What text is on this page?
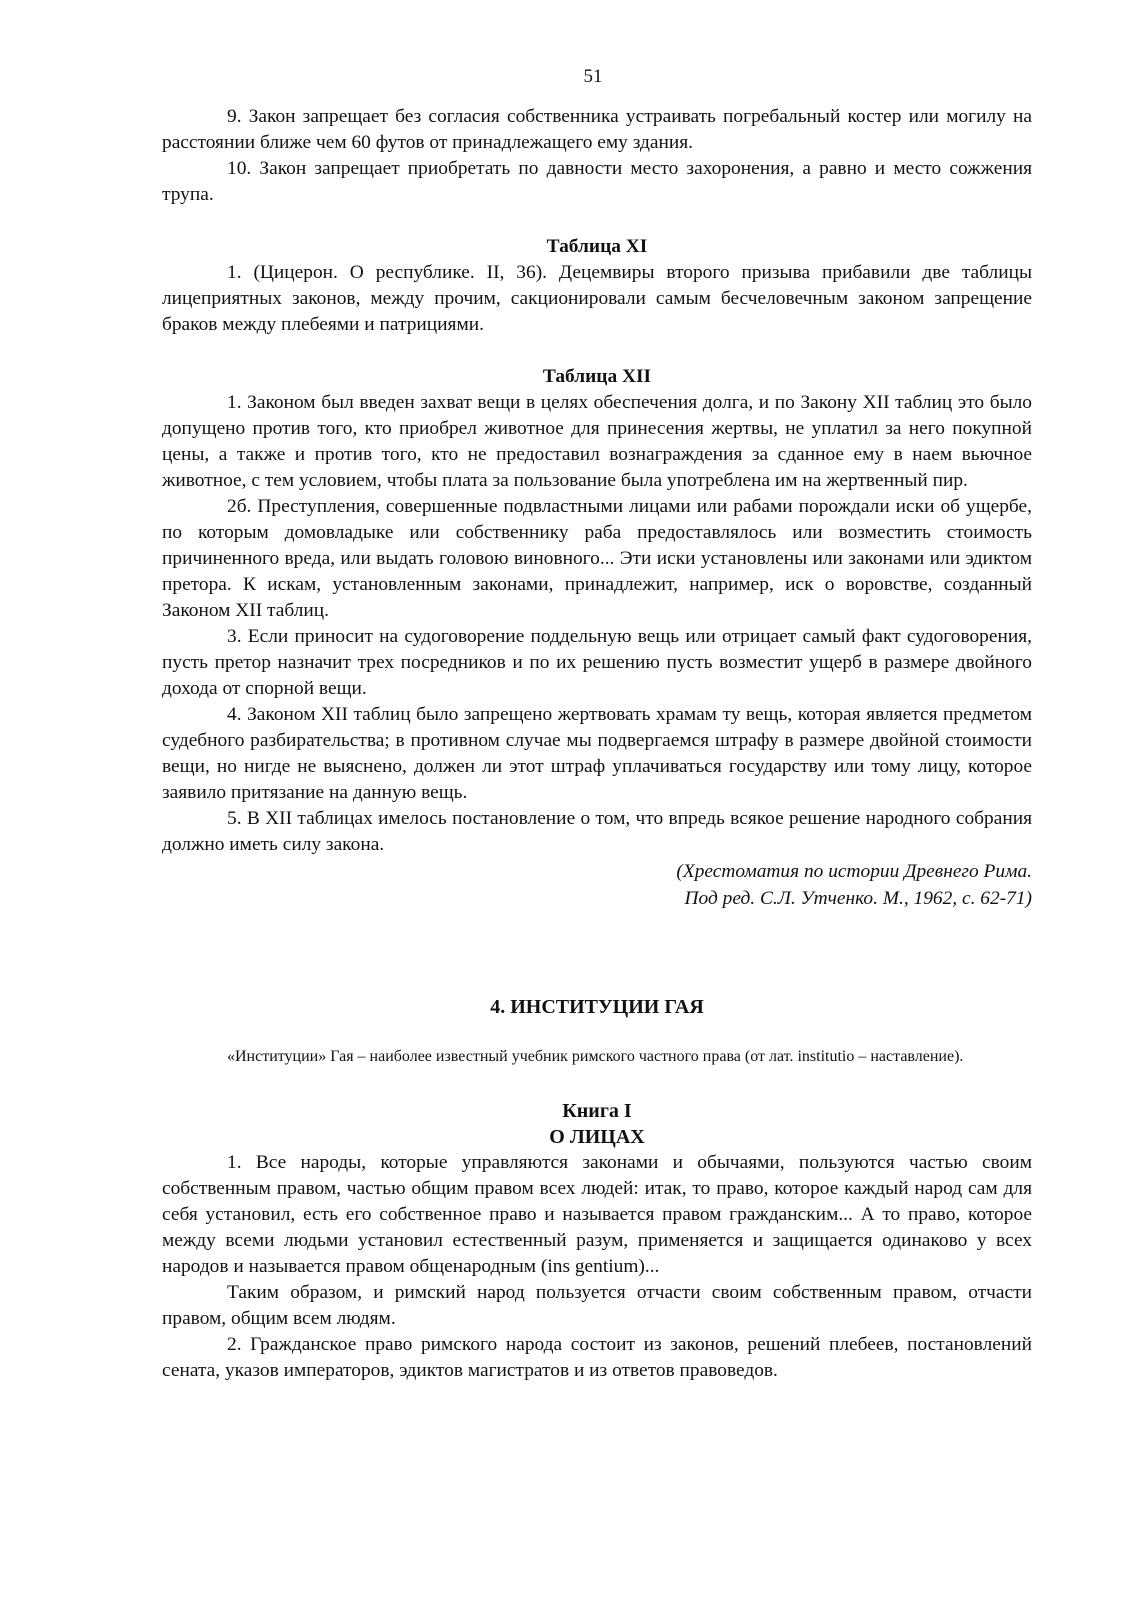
51

9. Закон запрещает без согласия собственника устраивать погребальный костер или могилу на расстоянии ближе чем 60 футов от принадлежащего ему здания.

10. Закон запрещает приобретать по давности место захоронения, а равно и место сожжения трупа.

Таблица XI

1. (Цицерон. О республике. II, 36). Децемвиры второго призыва прибавили две таблицы лицеприятных законов, между прочим, сакционировали самым бесчеловечным законом запрещение браков между плебеями и патрициями.

Таблица XII

1. Законом был введен захват вещи в целях обеспечения долга, и по Закону XII таблиц это было допущено против того, кто приобрел животное для принесения жертвы, не уплатил за него покупной цены, а также и против того, кто не предоставил вознаграждения за сданное ему в наем вьючное животное, с тем условием, чтобы плата за пользование была употреблена им на жертвенный пир.

2б. Преступления, совершенные подвластными лицами или рабами порождали иски об ущербе, по которым домовладыке или собственнику раба предоставлялось или возместить стоимость причиненного вреда, или выдать головою виновного... Эти иски установлены или законами или эдиктом претора. К искам, установленным законами, принадлежит, например, иск о воровстве, созданный Законом XII таблиц.

3. Если приносит на судоговорение поддельную вещь или отрицает самый факт судоговорения, пусть претор назначит трех посредников и по их решению пусть возместит ущерб в размере двойного дохода от спорной вещи.

4. Законом XII таблиц было запрещено жертвовать храмам ту вещь, которая является предметом судебного разбирательства; в противном случае мы подвергаемся штрафу в размере двойной стоимости вещи, но нигде не выяснено, должен ли этот штраф уплачиваться государству или тому лицу, которое заявило притязание на данную вещь.

5. В XII таблицах имелось постановление о том, что впредь всякое решение народного собрания должно иметь силу закона.

(Хрестоматия по истории Древнего Рима.
Под ред. С.Л. Утченко. М., 1962, с. 62-71)

4. ИНСТИТУЦИИ ГАЯ

«Институции» Гая – наиболее известный учебник римского частного права (от лат. institutio – наставление).

Книга I
О ЛИЦАХ

1. Все народы, которые управляются законами и обычаями, пользуются частью своим собственным правом, частью общим правом всех людей: итак, то право, которое каждый народ сам для себя установил, есть его собственное право и называется правом гражданским... А то право, которое между всеми людьми установил естественный разум, применяется и защищается одинаково у всех народов и называется правом общенародным (ins gentium)...

Таким образом, и римский народ пользуется отчасти своим собственным правом, отчасти правом, общим всем людям.

2. Гражданское право римского народа состоит из законов, решений плебеев, постановлений сената, указов императоров, эдиктов магистратов и из ответов правоведов.
